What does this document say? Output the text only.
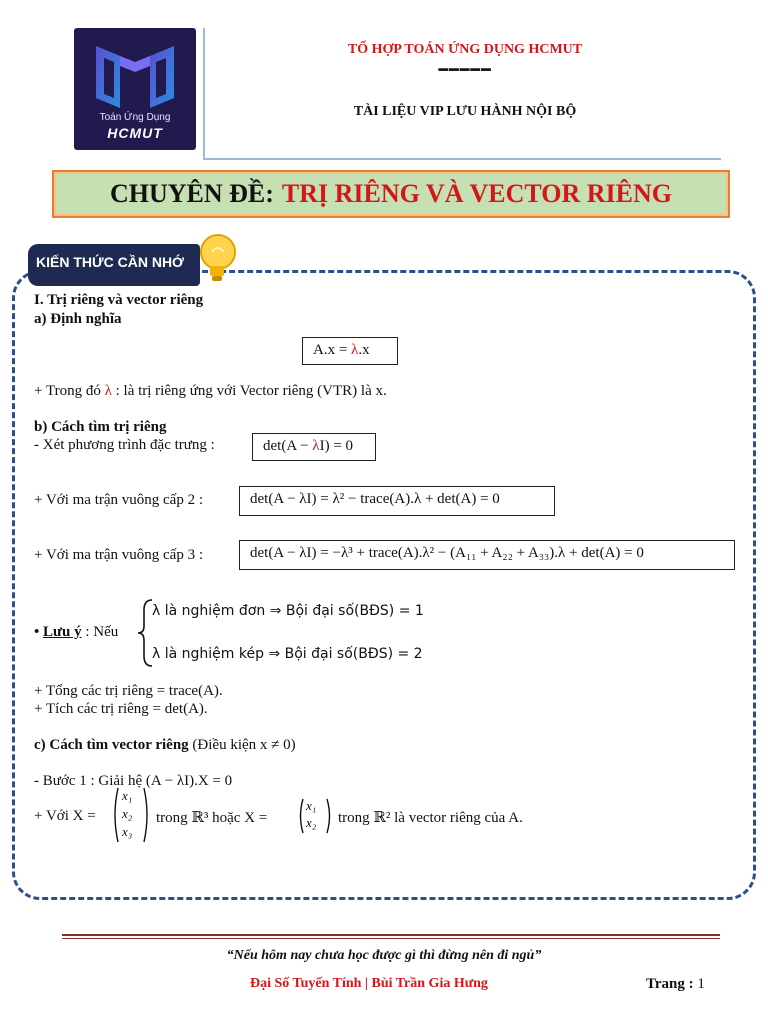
Toán Ứng Dụng
HCMUT
TỔ HỢP TOÁN ỨNG DỤNG HCMUT
━━━━━
TÀI LIỆU VIP LƯU HÀNH NỘI BỘ
CHUYÊN ĐỀ: TRỊ RIÊNG VÀ VECTOR RIÊNG
KIẾN THỨC CẦN NHỚ
I. Trị riêng và vector riêng
a) Định nghĩa
A.x = λ.x
+ Trong đó λ : là trị riêng ứng với Vector riêng (VTR) là x.
b) Cách tìm trị riêng
- Xét phương trình đặc trưng :	det(A − λI) = 0
+ Với ma trận vuông cấp 2 :	det(A − λI) = λ² − trace(A).λ + det(A) = 0
+ Với ma trận vuông cấp 3 :	det(A − λI) = −λ³ + trace(A).λ² − (A₁₁ + A₂₂ + A₃₃).λ + det(A) = 0
• Lưu ý : Nếu
λ là nghiệm đơn ⇒ Bội đại số(BĐS) = 1
λ là nghiệm kép ⇒ Bội đại số(BĐS) = 2
+ Tổng các trị riêng = trace(A).
+ Tích các trị riêng = det(A).
c) Cách tìm vector riêng (Điều kiện x ≠ 0)
- Bước 1 : Giải hệ (A − λI).X = 0
+ Với X =
x₁
x₂
x₃
trong ℝ³ hoặc X =
x₁
x₂ trong ℝ² là vector riêng của A.
“Nếu hôm nay chưa học được gì thì đừng nên đi ngủ”
Đại Số Tuyến Tính | Bùi Trần Gia Hưng	Trang : 1
